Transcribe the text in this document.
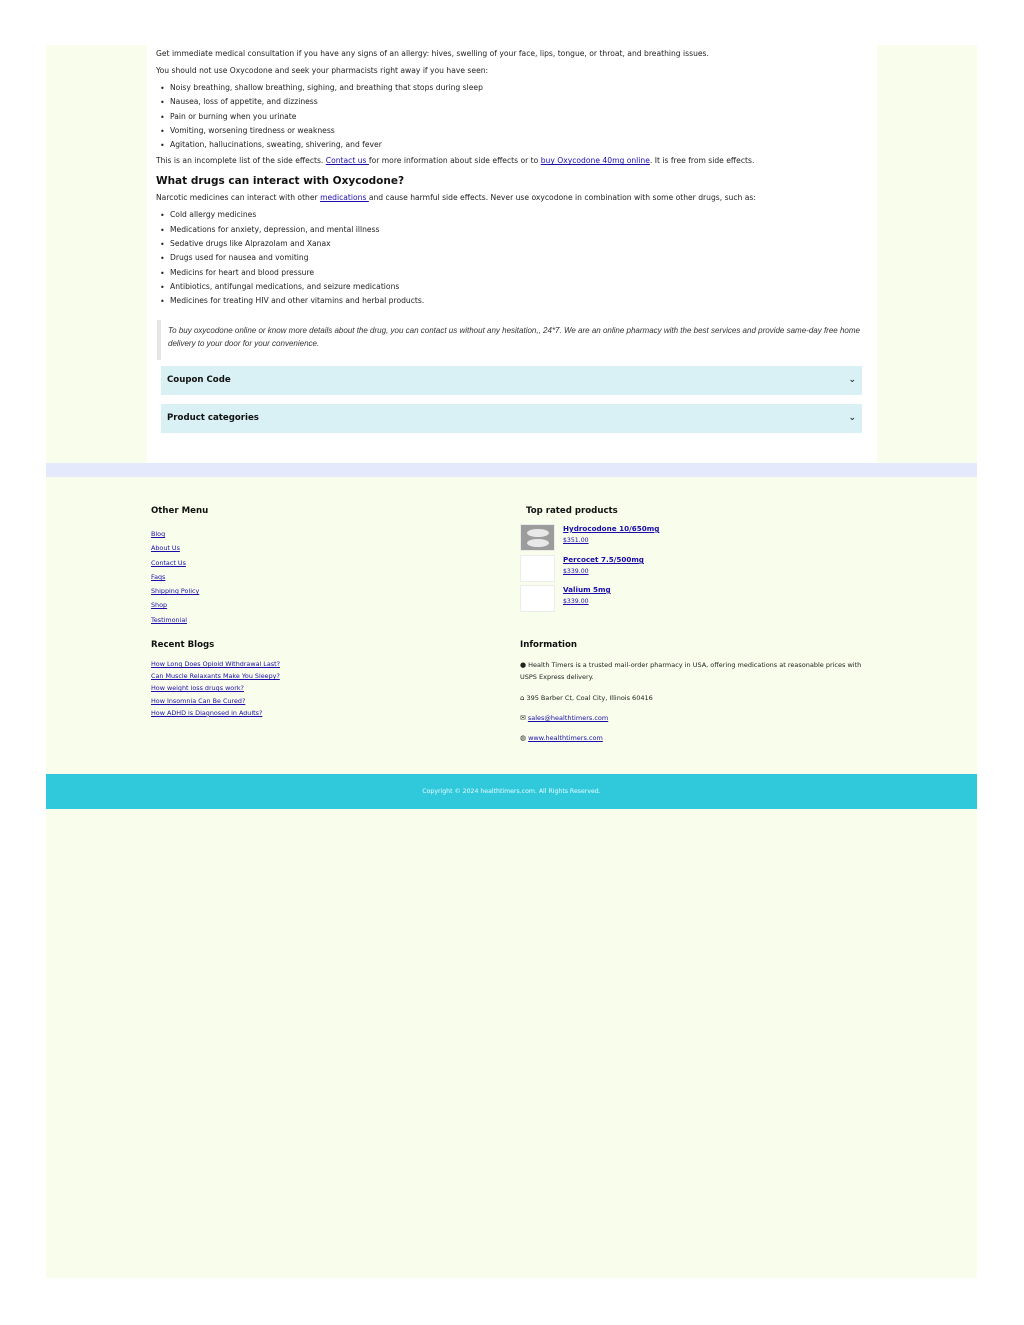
Get immediate medical consultation if you have any signs of an allergy: hives, swelling of your face, lips, tongue, or throat, and breathing issues.

You should not use Oxycodone and seek your pharmacists right away if you have seen:

• Noisy breathing, shallow breathing, sighing, and breathing that stops during sleep
• Nausea, loss of appetite, and dizziness
• Pain or burning when you urinate
• Vomiting, worsening tiredness or weakness
• Agitation, hallucinations, sweating, shivering, and fever

This is an incomplete list of the side effects. Contact us for more information about side effects or to buy Oxycodone 40mg online. It is free from side effects.

What drugs can interact with Oxycodone?

Narcotic medicines can interact with other medications and cause harmful side effects. Never use oxycodone in combination with some other drugs, such as:

• Cold allergy medicines
• Medications for anxiety, depression, and mental illness
• Sedative drugs like Alprazolam and Xanax
• Drugs used for nausea and vomiting
• Medicins for heart and blood pressure
• Antibiotics, antifungal medications, and seizure medications
• Medicines for treating HIV and other vitamins and herbal products.
To buy oxycodone online or know more details about the drug, you can contact us without any hesitation,, 24*7. We are an online pharmacy with the best services and provide same-day free home delivery to your door for your convenience.
Coupon Code	⌄
Product categories	⌄
Other Menu
Blog
About Us
Contact Us
Faqs
Shipping Policy
Shop
Testimonial
Top rated products
Hydrocodone 10/650mg
$351.00
Percocet 7.5/500mg
$339.00
Valium 5mg
$339.00
Recent Blogs
How Long Does Opioid Withdrawal Last?
Can Muscle Relaxants Make You Sleepy?
How weight loss drugs work?
How Insomnia Can Be Cured?
How ADHD is Diagnosed in Adults?
Information
● Health Timers is a trusted mail-order pharmacy in USA, offering medications at reasonable prices with USPS Express delivery.
⌂ 395 Barber Ct, Coal City, Illinois 60416
✉ sales@healthtimers.com
◍ www.healthtimers.com
Copyright © 2024 healthtimers.com. All Rights Reserved.
